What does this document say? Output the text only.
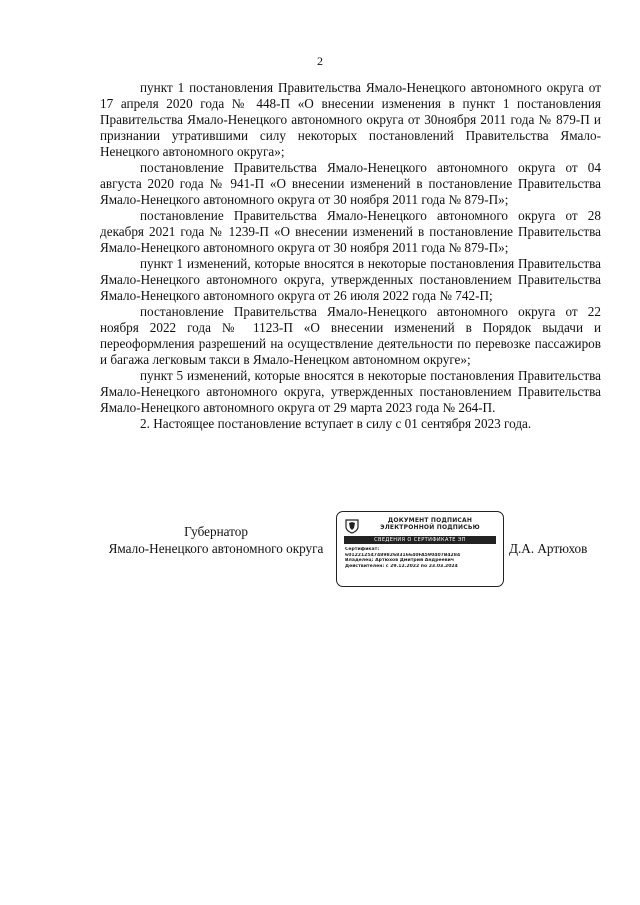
2

пункт 1 постановления Правительства Ямало-Ненецкого автономного округа от 17 апреля 2020 года № 448-П «О внесении изменения в пункт 1 постановления Правительства Ямало-Ненецкого автономного округа от 30ноября 2011 года № 879-П и признании утратившими силу некоторых постановлений Правительства Ямало-Ненецкого автономного округа»;

постановление Правительства Ямало-Ненецкого автономного округа от 04 августа 2020 года № 941-П «О внесении изменений в постановление Правительства Ямало-Ненецкого автономного округа от 30 ноября 2011 года № 879-П»;

постановление Правительства Ямало-Ненецкого автономного округа от 28 декабря 2021 года № 1239-П «О внесении изменений в постановление Правительства Ямало-Ненецкого автономного округа от 30 ноября 2011 года № 879-П»;

пункт 1 изменений, которые вносятся в некоторые постановления Правительства Ямало-Ненецкого автономного округа, утвержденных постановлением Правительства Ямало-Ненецкого автономного округа от 26 июля 2022 года № 742-П;

постановление Правительства Ямало-Ненецкого автономного округа от 22 ноября 2022 года № 1123-П «О внесении изменений в Порядок выдачи и переоформления разрешений на осуществление деятельности по перевозке пассажиров и багажа легковым такси в Ямало-Ненецком автономном округе»;

пункт 5 изменений, которые вносятся в некоторые постановления Правительства Ямало-Ненецкого автономного округа, утвержденных постановлением Правительства Ямало-Ненецкого автономного округа от 29 марта 2023 года № 264-П.

2. Настоящее постановление вступает в силу с 01 сентября 2023 года.

Губернатор
Ямало-Ненецкого автономного округа
ДОКУМЕНТ ПОДПИСАН
ЭЛЕКТРОННОЙ ПОДПИСЬЮ
СВЕДЕНИЯ О СЕРТИФИКАТЕ ЭП
Сертификат:
60122125474898268316640FA590407B4284
Владелец: Артюхов Дмитрий Андреевич
Действителен: с 29.12.2022 по 23.03.2024
Д.А. Артюхов
